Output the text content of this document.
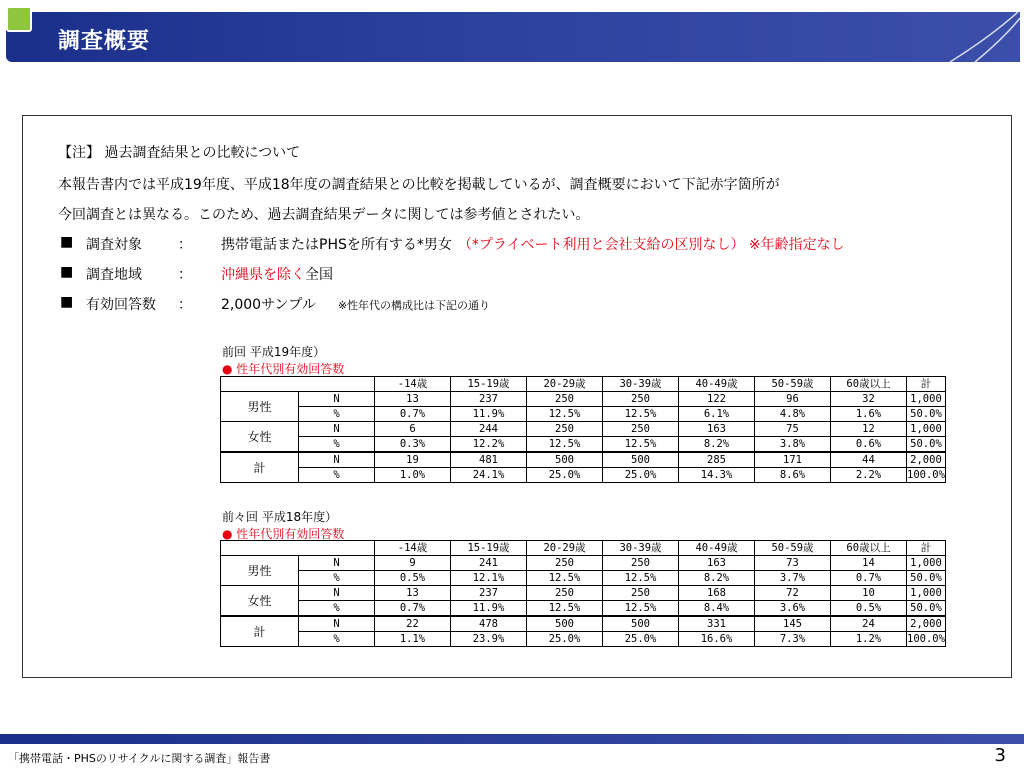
調査概要
【注】 過去調査結果との比較について
本報告書内では平成19年度、平成18年度の調査結果との比較を掲載しているが、調査概要において下記赤字箇所が
今回調査とは異なる。このため、過去調査結果データに関しては参考値とされたい。
■ 調査対象	： 携帯電話またはPHSを所有する*男女 （*プライベート利用と会社支給の区別なし） ※年齢指定なし
■ 調査地域	： 沖縄県を除く全国
■ 有効回答数 ： 2,000サンプル ※性年代の構成比は下記の通り
前回 平成19年度）
● 性年代別有効回答数
		-14歳	15-19歳	20-29歳	30-39歳	40-49歳	50-59歳	60歳以上	計
男性	N	13	237	250	250	122	96	32	1,000
	%	0.7%	11.9%	12.5%	12.5%	6.1%	4.8%	1.6%	50.0%
女性	N	6	244	250	250	163	75	12	1,000
	%	0.3%	12.2%	12.5%	12.5%	8.2%	3.8%	0.6%	50.0%
計	N	19	481	500	500	285	171	44	2,000
	%	1.0%	24.1%	25.0%	25.0%	14.3%	8.6%	2.2%	100.0%
前々回 平成18年度）
● 性年代別有効回答数
		-14歳	15-19歳	20-29歳	30-39歳	40-49歳	50-59歳	60歳以上	計
男性	N	9	241	250	250	163	73	14	1,000
	%	0.5%	12.1%	12.5%	12.5%	8.2%	3.7%	0.7%	50.0%
女性	N	13	237	250	250	168	72	10	1,000
	%	0.7%	11.9%	12.5%	12.5%	8.4%	3.6%	0.5%	50.0%
計	N	22	478	500	500	331	145	24	2,000
	%	1.1%	23.9%	25.0%	25.0%	16.6%	7.3%	1.2%	100.0%
「携帯電話・PHSのリサイクルに関する調査」報告書	3
